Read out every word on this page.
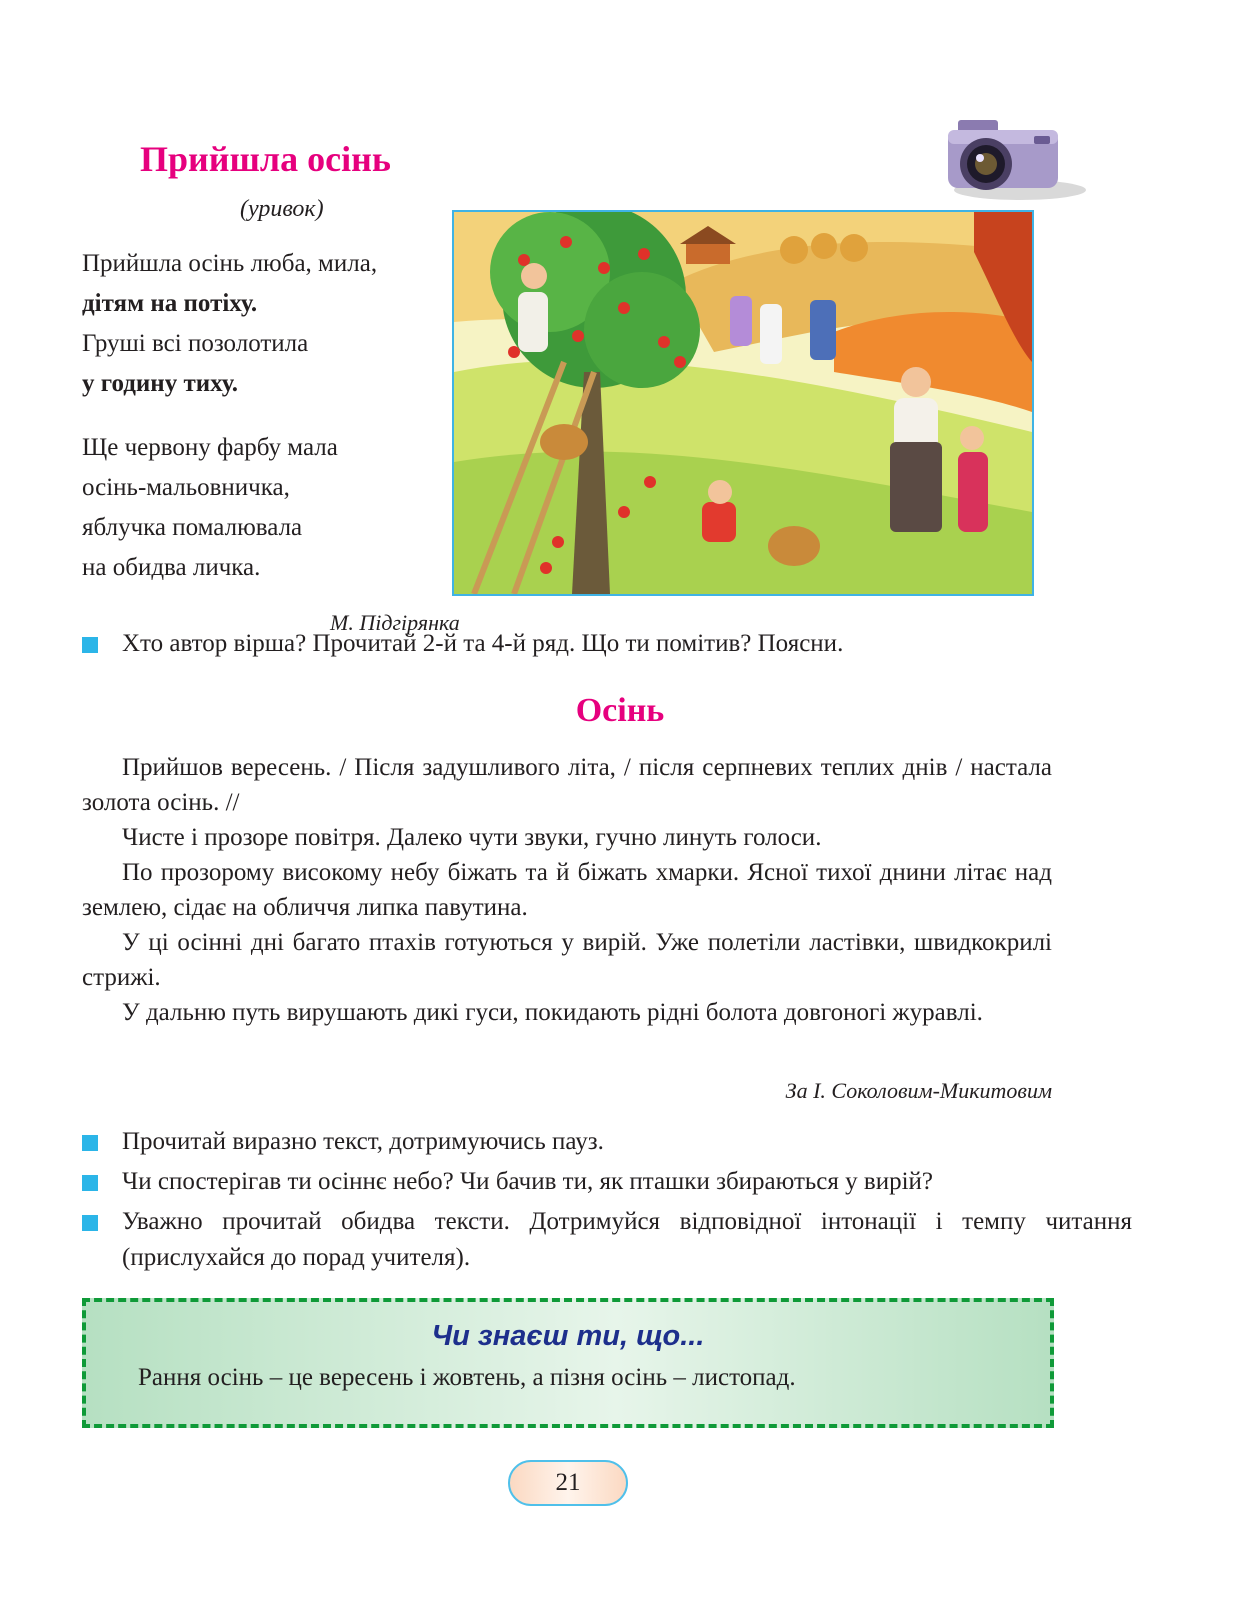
Прийшла осінь
(уривок)
Прийшла осінь люба, мила,
дітям на потіху.
Груші всі позолотила
у годину тиху.
Ще червону фарбу мала
осінь-мальовничка,
яблучка помалювала
на обидва личка.
М. Підгірянка
Хто автор вірша? Прочитай 2-й та 4-й ряд. Що ти помітив? Поясни.
Осінь

Прийшов вересень. / Після задушливого літа, / після серпневих теплих днів / настала золота осінь. //

Чисте і прозоре повітря. Далеко чути звуки, гучно линуть голоси.

По прозорому високому небу біжать та й біжать хмарки. Ясної тихої днини літає над землею, сідає на обличчя липка павутина.

У ці осінні дні багато птахів готуються у вирій. Уже полетіли ластівки, швидкокрилі стрижі.

У дальню путь вирушають дикі гуси, покидають рідні болота довгоногі журавлі.

За І. Соколовим-Микитовим
Прочитай виразно текст, дотримуючись пауз.
Чи спостерігав ти осіннє небо? Чи бачив ти, як пташки збираються у вирій?
Уважно прочитай обидва тексти. Дотримуйся відповідної інтонації і темпу читання (прислухайся до порад учителя).
Чи знаєш ти, що...
Рання осінь – це вересень і жовтень, а пізня осінь – листопад.
21
